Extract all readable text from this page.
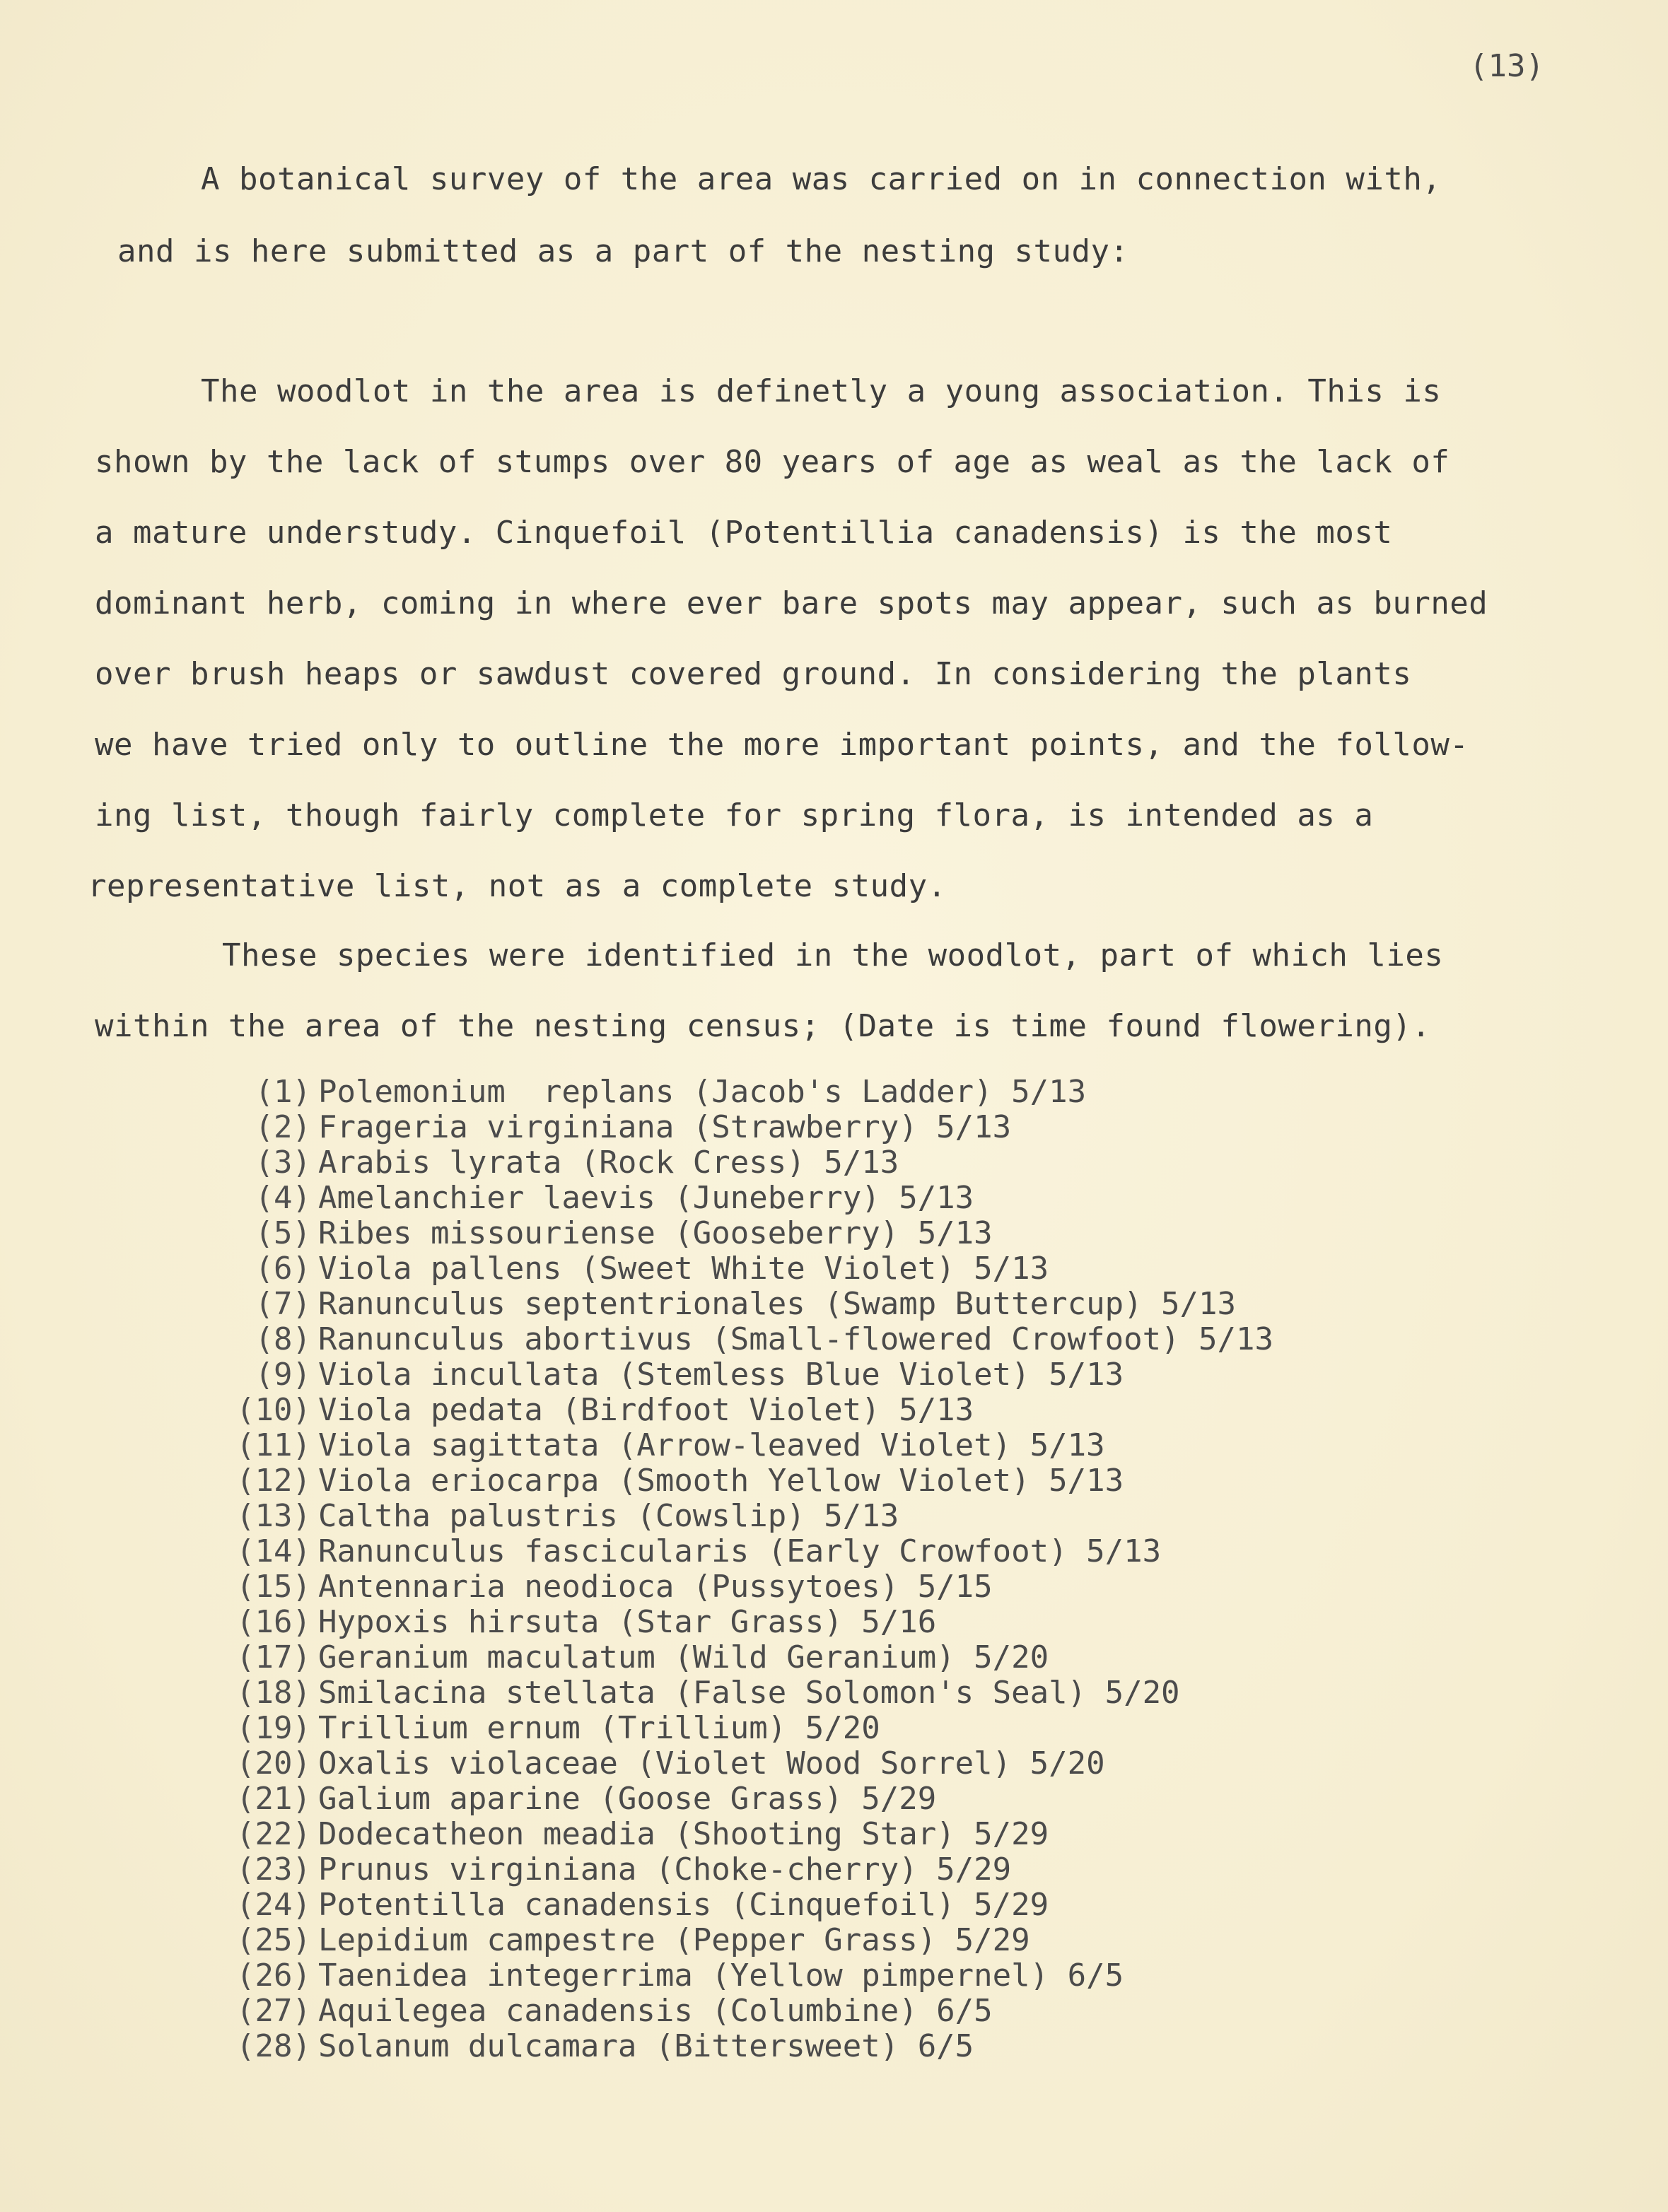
(13)
A botanical survey of the area was carried on in connection with,
and is here submitted as a part of the nesting study:
The woodlot in the area is definetly a young association. This is
shown by the lack of stumps over 80 years of age as weal as the lack of
a mature understudy. Cinquefoil (Potentillia canadensis) is the most
dominant herb, coming in where ever bare spots may appear, such as burned
over brush heaps or sawdust covered ground. In considering the plants
we have tried only to outline the more important points, and the follow-
ing list, though fairly complete for spring flora, is intended as a
representative list, not as a complete study.
These species were identified in the woodlot, part of which lies
within the area of the nesting census; (Date is time found flowering).
(1) Polemonium  replans (Jacob's Ladder) 5/13
(2) Frageria virginiana (Strawberry) 5/13
(3) Arabis lyrata (Rock Cress) 5/13
(4) Amelanchier laevis (Juneberry) 5/13
(5) Ribes missouriense (Gooseberry) 5/13
(6) Viola pallens (Sweet White Violet) 5/13
(7) Ranunculus septentrionales (Swamp Buttercup) 5/13
(8) Ranunculus abortivus (Small-flowered Crowfoot) 5/13
(9) Viola incullata (Stemless Blue Violet) 5/13
(10) Viola pedata (Birdfoot Violet) 5/13
(11) Viola sagittata (Arrow-leaved Violet) 5/13
(12) Viola eriocarpa (Smooth Yellow Violet) 5/13
(13) Caltha palustris (Cowslip) 5/13
(14) Ranunculus fascicularis (Early Crowfoot) 5/13
(15) Antennaria neodioca (Pussytoes) 5/15
(16) Hypoxis hirsuta (Star Grass) 5/16
(17) Geranium maculatum (Wild Geranium) 5/20
(18) Smilacina stellata (False Solomon's Seal) 5/20
(19) Trillium ernum (Trillium) 5/20
(20) Oxalis violaceae (Violet Wood Sorrel) 5/20
(21) Galium aparine (Goose Grass) 5/29
(22) Dodecatheon meadia (Shooting Star) 5/29
(23) Prunus virginiana (Choke-cherry) 5/29
(24) Potentilla canadensis (Cinquefoil) 5/29
(25) Lepidium campestre (Pepper Grass) 5/29
(26) Taenidea integerrima (Yellow pimpernel) 6/5
(27) Aquilegea canadensis (Columbine) 6/5
(28) Solanum dulcamara (Bittersweet) 6/5
